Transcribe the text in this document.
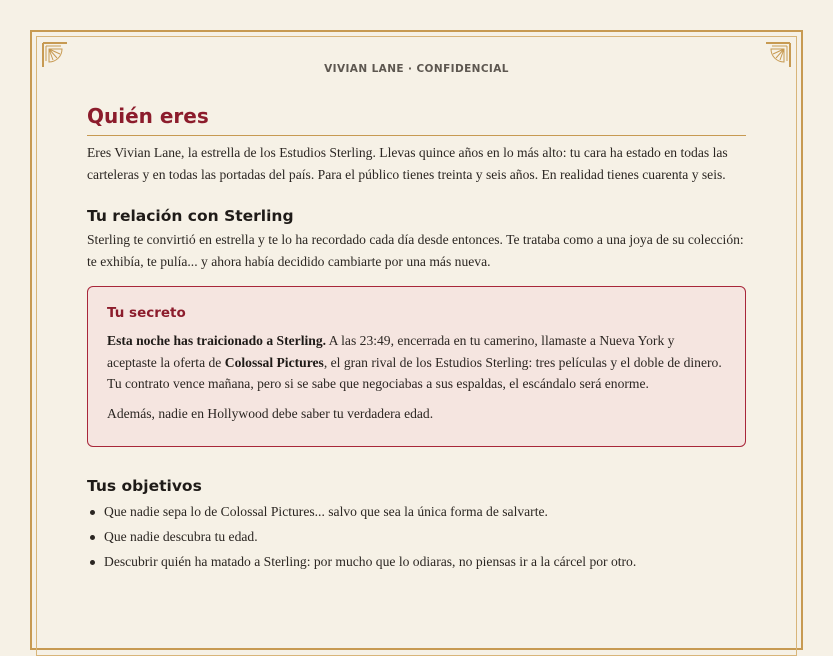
VIVIAN LANE · CONFIDENCIAL
Quién eres

Eres Vivian Lane, la estrella de los Estudios Sterling. Llevas quince años en lo más alto: tu cara ha estado en todas las carteleras y en todas las portadas del país. Para el público tienes treinta y seis años. En realidad tienes cuarenta y seis.

Tu relación con Sterling

Sterling te convirtió en estrella y te lo ha recordado cada día desde entonces. Te trataba como a una joya de su colección: te exhibía, te pulía... y ahora había decidido cambiarte por una más nueva.

Tu secreto

Esta noche has traicionado a Sterling. A las 23:49, encerrada en tu camerino, llamaste a Nueva York y aceptaste la oferta de Colossal Pictures, el gran rival de los Estudios Sterling: tres películas y el doble de dinero. Tu contrato vence mañana, pero si se sabe que negociabas a sus espaldas, el escándalo será enorme.

Además, nadie en Hollywood debe saber tu verdadera edad.

Tus objetivos
Que nadie sepa lo de Colossal Pictures... salvo que sea la única forma de salvarte.
Que nadie descubra tu edad.
Descubrir quién ha matado a Sterling: por mucho que lo odiaras, no piensas ir a la cárcel por otro.
